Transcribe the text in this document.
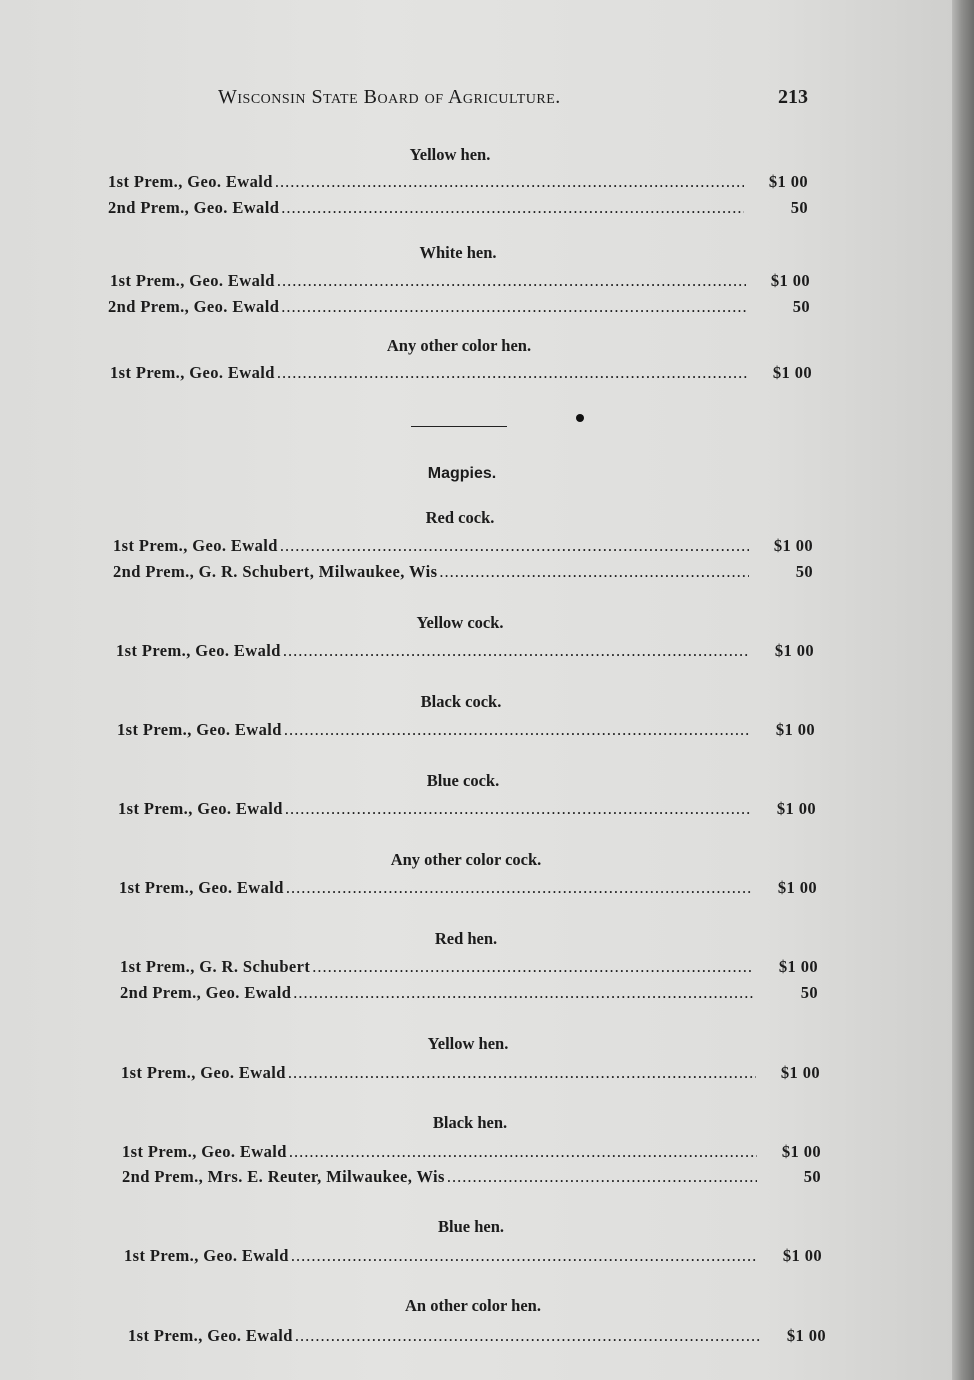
Wisconsin State Board of Agriculture.	213
Yellow hen.
1st Prem., Geo. Ewald .....	$1 00
2nd Prem., Geo. Ewald .....	50
White hen.
1st Prem., Geo. Ewald .....	$1 00
2nd Prem., Geo. Ewald .....	50
Any other color hen.
1st Prem., Geo. Ewald .....	$1 00
Magpies.
Red cock.
1st Prem., Geo. Ewald .....	$1 00
2nd Prem., G. R. Schubert, Milwaukee, Wis .....	50
Yellow cock.
1st Prem., Geo. Ewald .....	$1 00
Black cock.
1st Prem., Geo. Ewald .....	$1 00
Blue cock.
1st Prem., Geo. Ewald .....	$1 00
Any other color cock.
1st Prem., Geo. Ewald .....	$1 00
Red hen.
1st Prem., G. R. Schubert .....	$1 00
2nd Prem., Geo. Ewald .....	50
Yellow hen.
1st Prem., Geo. Ewald .....	$1 00
Black hen.
1st Prem., Geo. Ewald .....	$1 00
2nd Prem., Mrs. E. Reuter, Milwaukee, Wis .....	50
Blue hen.
1st Prem., Geo. Ewald .....	$1 00
An other color hen.
1st Prem., Geo. Ewald .....	$1 00
